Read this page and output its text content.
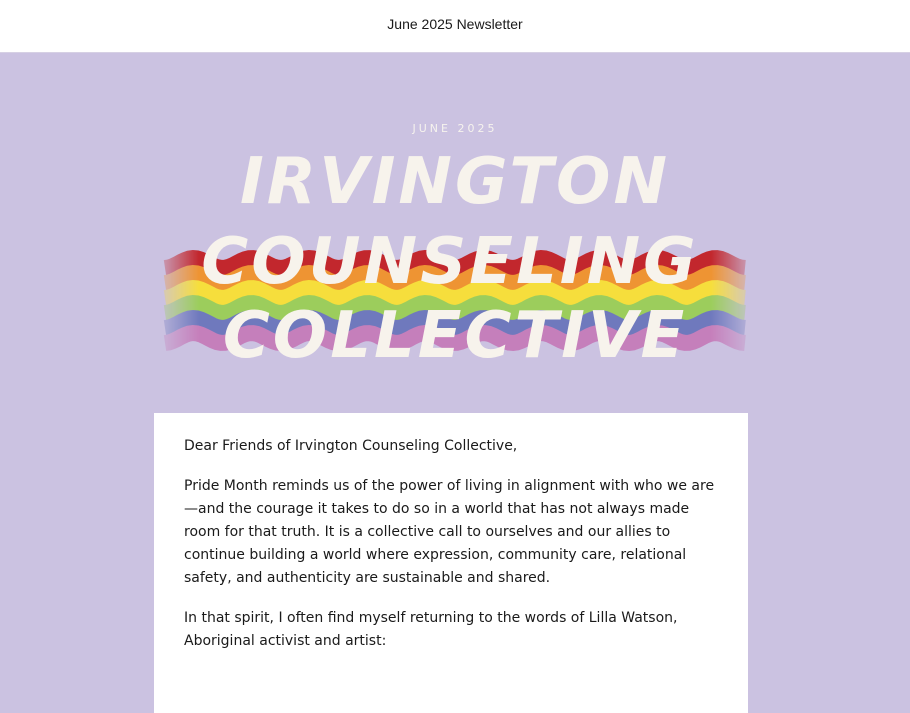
June 2025 Newsletter
JUNE 2025
IRVINGTON
COUNSELING
COLLECTIVE

Dear Friends of Irvington Counseling Collective,

Pride Month reminds us of the power of living in alignment with who we are—and the courage it takes to do so in a world that has not always made room for that truth. It is a collective call to ourselves and our allies to continue building a world where expression, community care, relational safety, and authenticity are sustainable and shared.

In that spirit, I often find myself returning to the words of Lilla Watson, Aboriginal activist and artist:
